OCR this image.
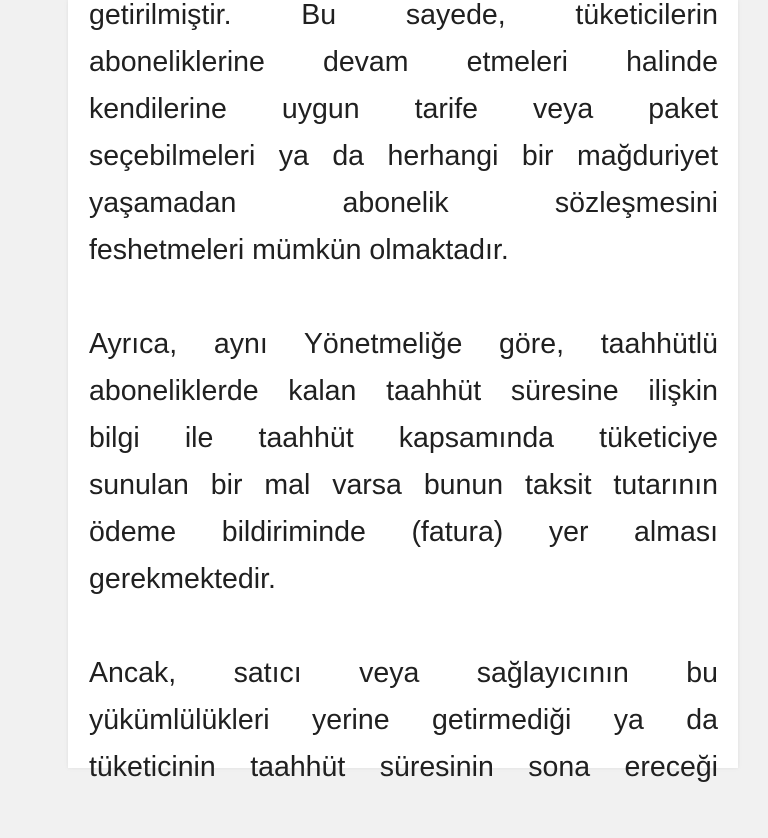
getirilmiştir. Bu sayede, tüketicilerin
aboneliklerine devam etmeleri halinde
kendilerine uygun tarife veya paket
seçebilmeleri ya da herhangi bir mağduriyet
yaşamadan abonelik sözleşmesini
feshetmeleri mümkün olmaktadır.
Ayrıca, aynı Yönetmeliğe göre, taahhütlü
aboneliklerde kalan taahhüt süresine ilişkin
bilgi ile taahhüt kapsamında tüketiciye
sunulan bir mal varsa bunun taksit tutarının
ödeme bildiriminde (fatura) yer alması
gerekmektedir.
Ancak, satıcı veya sağlayıcının bu
yükümlülükleri yerine getirmediği ya da
tüketicinin taahhüt süresinin sona ereceği
